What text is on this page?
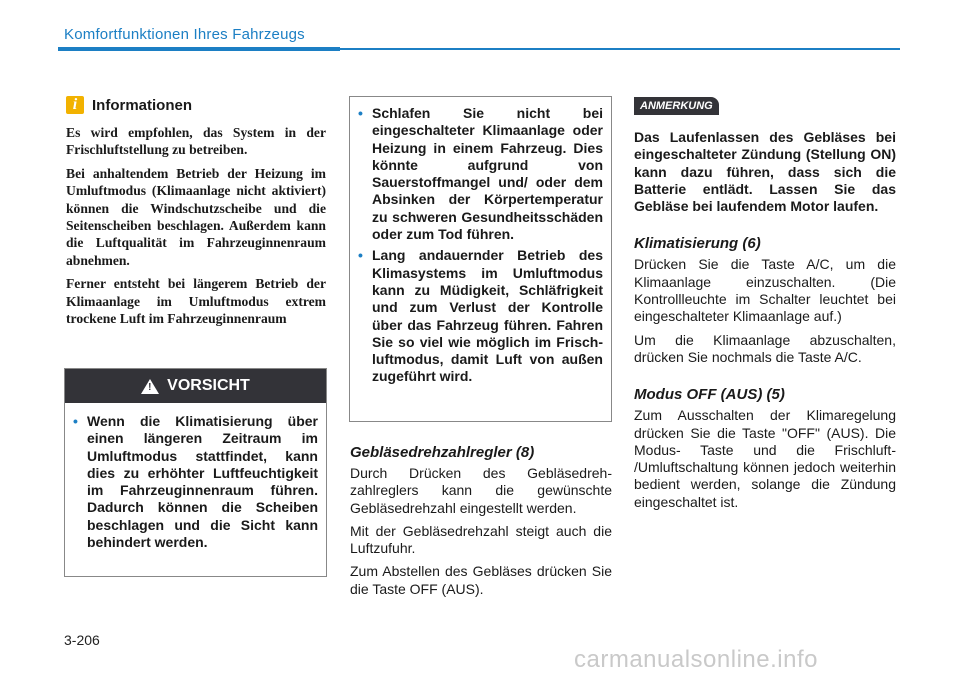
Komfortfunktionen Ihres Fahrzeugs
i Informationen

Es wird empfohlen, das System in der Frischluftstellung zu betreiben.

Bei anhaltendem Betrieb der Heizung im Umluftmodus (Klimaanlage nicht aktiviert) können die Windschutzscheibe und die Seitenscheiben beschlagen. Außerdem kann die Luftqualität im Fahrzeuginnenraum abnehmen.

Ferner entsteht bei längerem Betrieb der Klimaanlage im Umluftmodus extrem trockene Luft im Fahrzeuginnenraum

! VORSICHT
• Wenn die Klimatisierung über einen längeren Zeitraum im Umluftmodus stattfindet, kann dies zu erhöhter Luftfeuchtigkeit im Fahrzeuginnenraum führen. Dadurch können die Scheiben beschlagen und die Sicht kann behindert werden.
• Schlafen Sie nicht bei eingeschalteter Klimaanlage oder Heizung in einem Fahrzeug. Dies könnte aufgrund von Sauerstoffmangel und/ oder dem Absinken der Körpertemperatur zu schweren Gesundheitsschäden oder zum Tod führen.
• Lang andauernder Betrieb des Klimasystems im Umluftmodus kann zu Müdigkeit, Schläfrigkeit und zum Verlust der Kontrolle über das Fahrzeug führen. Fahren Sie so viel wie möglich im Frischluftmodus, damit Luft von außen zugeführt wird.
Gebläsedrehzahlregler (8)

Durch Drücken des Gebläsedrehzahlreglers kann die gewünschte Gebläsedrehzahl eingestellt werden.

Mit der Gebläsedrehzahl steigt auch die Luftzufuhr.

Zum Abstellen des Gebläses drücken Sie die Taste OFF (AUS).

ANMERKUNG

Das Laufenlassen des Gebläses bei eingeschalteter Zündung (Stellung ON) kann dazu führen, dass sich die Batterie entlädt. Lassen Sie das Gebläse bei laufendem Motor laufen.

Klimatisierung (6)

Drücken Sie die Taste A/C, um die Klimaanlage einzuschalten. (Die Kontrollleuchte im Schalter leuchtet bei eingeschalteter Klimaanlage auf.)

Um die Klimaanlage abzuschalten, drücken Sie nochmals die Taste A/C.

Modus OFF (AUS) (5)

Zum Ausschalten der Klimaregelung drücken Sie die Taste "OFF" (AUS). Die Modus- Taste und die Frischluft- /Umluftschaltung können jedoch weiterhin bedient werden, solange die Zündung eingeschaltet ist.

3-206
carmanualsonline.info
